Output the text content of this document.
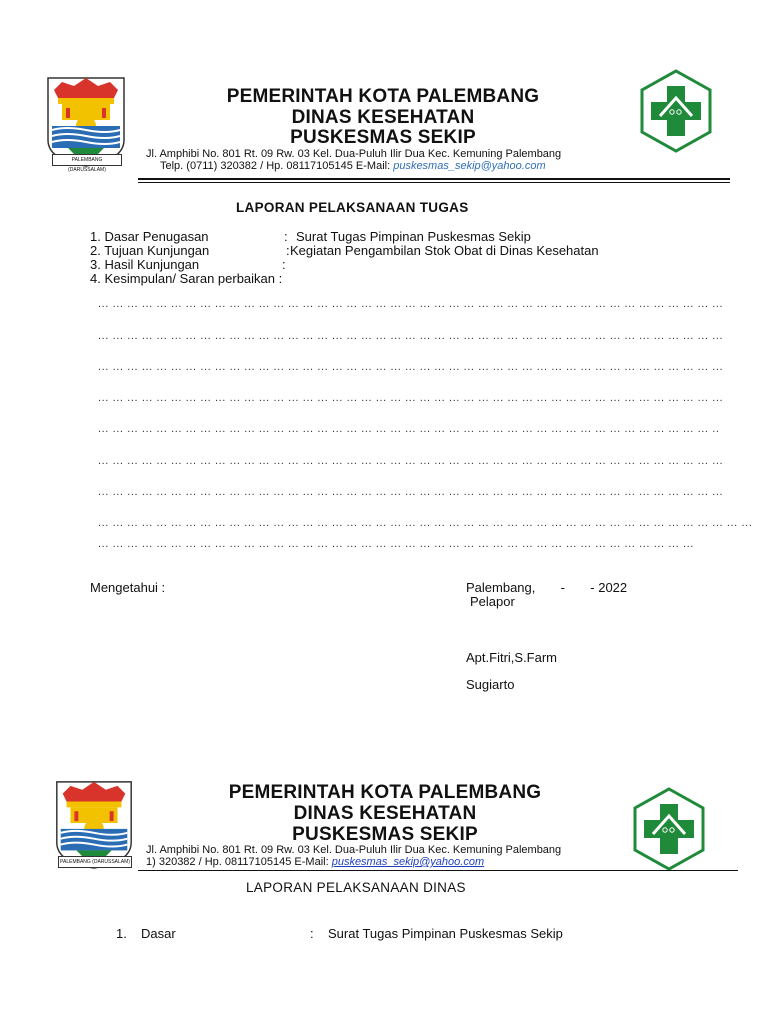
PALEMBANG (DARUSSALAM)
PEMERINTAH KOTA PALEMBANG
DINAS KESEHATAN
PUSKESMAS SEKIP
Jl. Amphibi No. 801 Rt. 09 Rw. 03 Kel. Dua-Puluh Ilir Dua Kec. Kemuning Palembang
Telp. (0711) 320382 / Hp. 08117105145 E-Mail: puskesmas_sekip@yahoo.com
LAPORAN PELAKSANAAN TUGAS
1. Dasar Penugasan	: Surat Tugas Pimpinan Puskesmas Sekip
2. Tujuan Kunjungan	: Kegiatan Pengambilan Stok Obat di Dinas Kesehatan
3. Hasil Kunjungan	:
4. Kesimpulan/ Saran perbaikan :
... ... ... ... ... ... ... ... ... ... ... ... ... ... ... ... ... ... ... ... ... ... ... ... ... ... ... ... ... ... ... ... ... ... ... ... ... ... ... ... ... ... ...
... ... ... ... ... ... ... ... ... ... ... ... ... ... ... ... ... ... ... ... ... ... ... ... ... ... ... ... ... ... ... ... ... ... ... ... ... ... ... ... ... ... ...
... ... ... ... ... ... ... ... ... ... ... ... ... ... ... ... ... ... ... ... ... ... ... ... ... ... ... ... ... ... ... ... ... ... ... ... ... ... ... ... ... ... ...
... ... ... ... ... ... ... ... ... ... ... ... ... ... ... ... ... ... ... ... ... ... ... ... ... ... ... ... ... ... ... ... ... ... ... ... ... ... ... ... ... ... ...
... ... ... ... ... ... ... ... ... ... ... ... ... ... ... ... ... ... ... ... ... ... ... ... ... ... ... ... ... ... ... ... ... ... ... ... ... ... ... ... ... ... ..
... ... ... ... ... ... ... ... ... ... ... ... ... ... ... ... ... ... ... ... ... ... ... ... ... ... ... ... ... ... ... ... ... ... ... ... ... ... ... ... ... ... ...
... ... ... ... ... ... ... ... ... ... ... ... ... ... ... ... ... ... ... ... ... ... ... ... ... ... ... ... ... ... ... ... ... ... ... ... ... ... ... ... ... ... ...
... ... ... ... ... ... ... ... ... ... ... ... ... ... ... ... ... ... ... ... ... ... ... ... ... ... ... ... ... ... ... ... ... ... ... ... ... ... ... ... ... ... ... ... ...
... ... ... ... ... ... ... ... ... ... ... ... ... ... ... ... ... ... ... ... ... ... ... ... ... ... ... ... ... ... ... ... ... ... ... ... ... ... ... ... ...
Mengetahui :	Palembang,       -       - 2022
Pelapor
Apt.Fitri,S.Farm
Sugiarto
PALEMBANG (DARUSSALAM)
PEMERINTAH KOTA PALEMBANG
DINAS KESEHATAN
PUSKESMAS SEKIP
Jl. Amphibi No. 801 Rt. 09 Rw. 03 Kel. Dua-Puluh Ilir Dua Kec. Kemuning Palembang
1) 320382 / Hp. 08117105145 E-Mail: puskesmas_sekip@yahoo.com
LAPORAN PELAKSANAAN DINAS
1. Dasar	: Surat Tugas Pimpinan Puskesmas Sekip
